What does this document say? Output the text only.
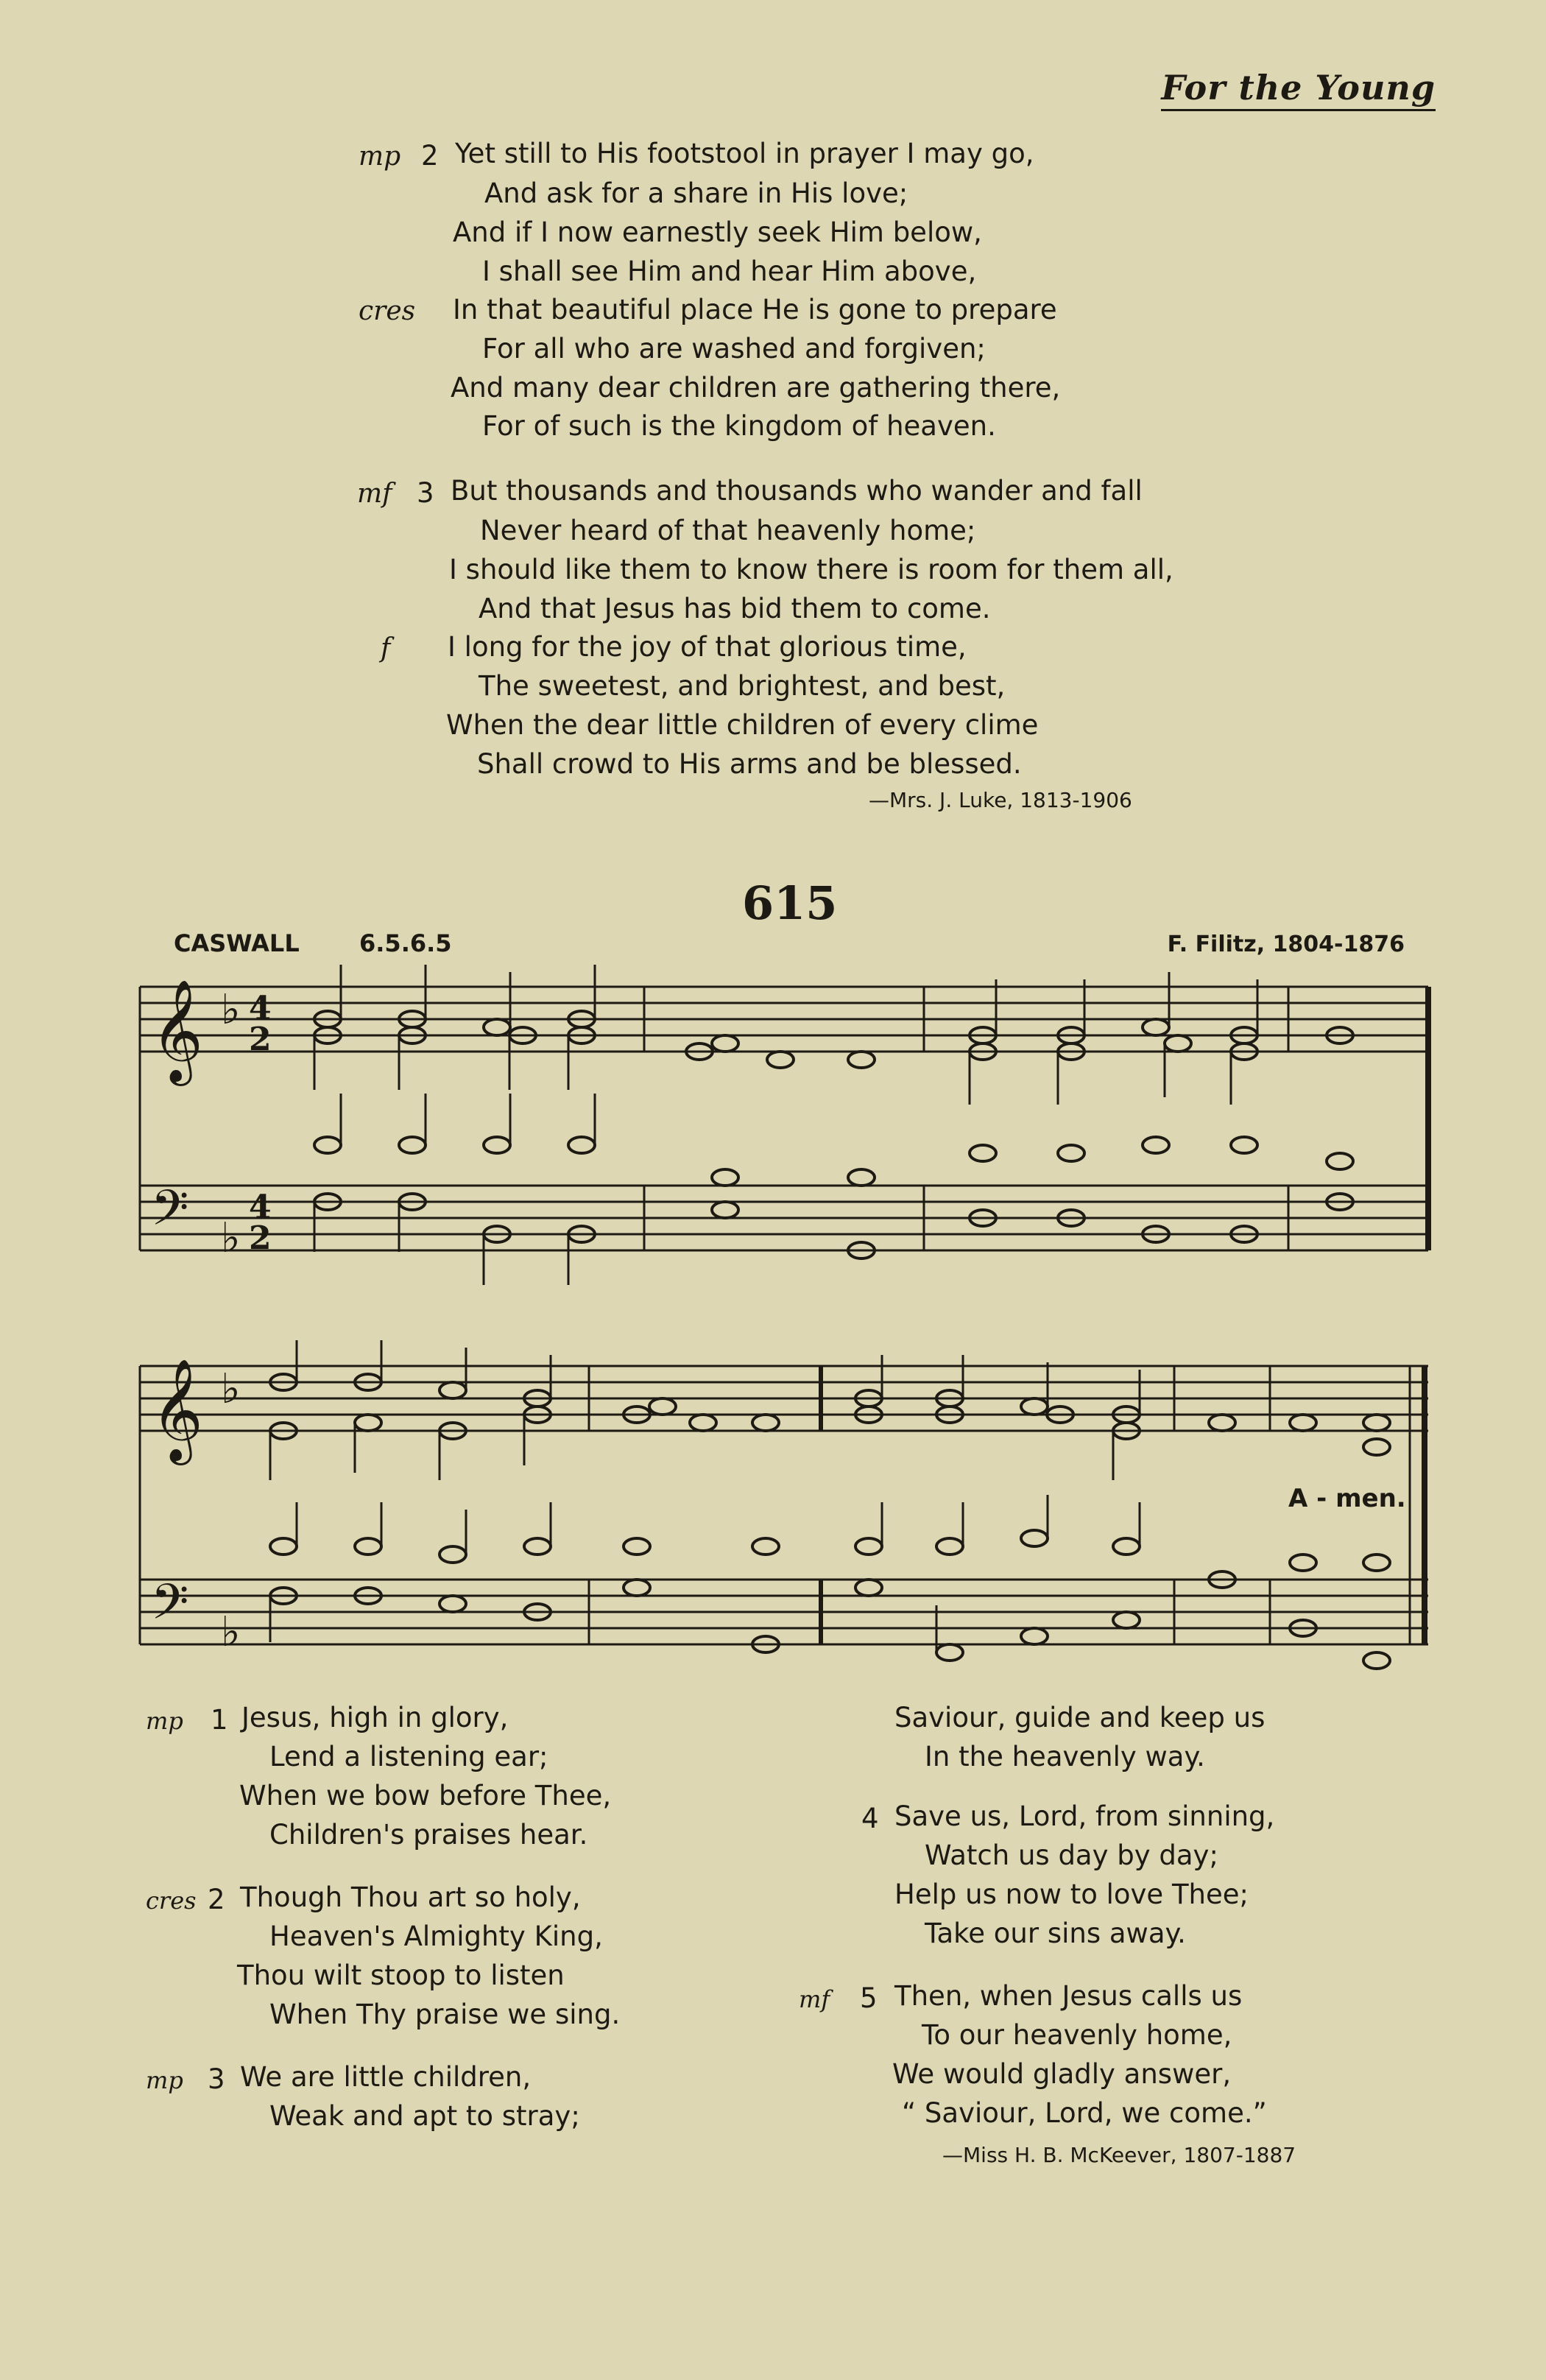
For the Young
mp 2 Yet still to His footstool in prayer I may go,
And ask for a share in His love;
And if I now earnestly seek Him below,
I shall see Him and hear Him above,
cres In that beautiful place He is gone to prepare
For all who are washed and forgiven;
And many dear children are gathering there,
For of such is the kingdom of heaven.
mf 3 But thousands and thousands who wander and fall
Never heard of that heavenly home;
I should like them to know there is room for them all,
And that Jesus has bid them to come.
f I long for the joy of that glorious time,
The sweetest, and brightest, and best,
When the dear little children of every clime
Shall crowd to His arms and be blessed.
—Mrs. J. Luke, 1813-1906
615
CASWALL	6.5.6.5	F. Filitz, 1804-1876
𝄞
𝄢
𝄞
𝄢
♭
♭
♭
♭
4
2
4
2
A - men.
mp 1 Jesus, high in glory,
Lend a listening ear;
When we bow before Thee,
Children's praises hear.
cres 2 Though Thou art so holy,
Heaven's Almighty King,
Thou wilt stoop to listen
When Thy praise we sing.
mp 3 We are little children,
Weak and apt to stray;
Saviour, guide and keep us
In the heavenly way.
4 Save us, Lord, from sinning,
Watch us day by day;
Help us now to love Thee;
Take our sins away.
mf 5 Then, when Jesus calls us
To our heavenly home,
We would gladly answer,
“ Saviour, Lord, we come.”
—Miss H. B. McKeever, 1807-1887
